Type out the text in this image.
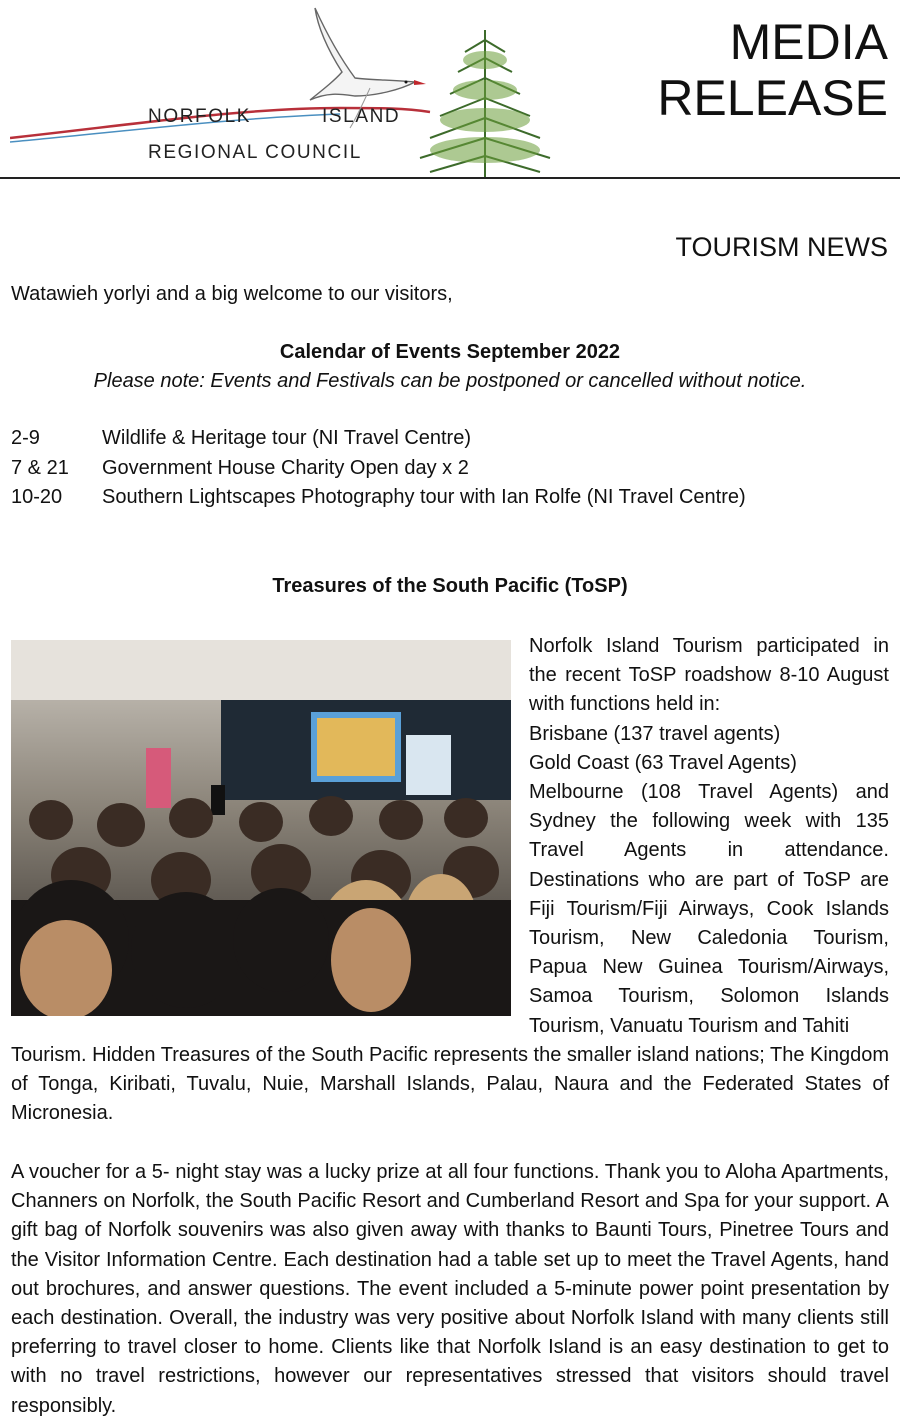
NORFOLK	ISLAND
REGIONAL COUNCIL
MEDIA
RELEASE
TOURISM NEWS
Watawieh yorlyi and a big welcome to our visitors,
Calendar of Events September 2022
Please note: Events and Festivals can be postponed or cancelled without notice.
2-9	Wildlife & Heritage tour (NI Travel Centre)
7 & 21 Government House Charity Open day x 2
10-20 Southern Lightscapes Photography tour with Ian Rolfe (NI Travel Centre)
Treasures of the South Pacific (ToSP)

Norfolk Island Tourism participated in the recent ToSP roadshow 8-10 August with functions held in:

Brisbane (137 travel agents)

Gold Coast (63 Travel Agents)

Melbourne (108 Travel Agents) and Sydney the following week with 135 Travel Agents in attendance. Destinations who are part of ToSP are Fiji Tourism/Fiji Airways, Cook Islands Tourism, New Caledonia Tourism, Papua New Guinea Tourism/Airways, Samoa Tourism, Solomon Islands Tourism, Vanuatu Tourism and Tahiti

Tourism. Hidden Treasures of the South Pacific represents the smaller island nations; The Kingdom of Tonga, Kiribati, Tuvalu, Nuie, Marshall Islands, Palau, Naura and the Federated States of Micronesia.
A voucher for a 5- night stay was a lucky prize at all four functions. Thank you to Aloha Apartments, Channers on Norfolk, the South Pacific Resort and Cumberland Resort and Spa for your support. A gift bag of Norfolk souvenirs was also given away with thanks to Baunti Tours, Pinetree Tours and the Visitor Information Centre. Each destination had a table set up to meet the Travel Agents, hand out brochures, and answer questions. The event included a 5-minute power point presentation by each destination. Overall, the industry was very positive about Norfolk Island with many clients still preferring to travel closer to home. Clients like that Norfolk Island is an easy destination to get to with no travel restrictions, however our representatives stressed that visitors should travel responsibly.
